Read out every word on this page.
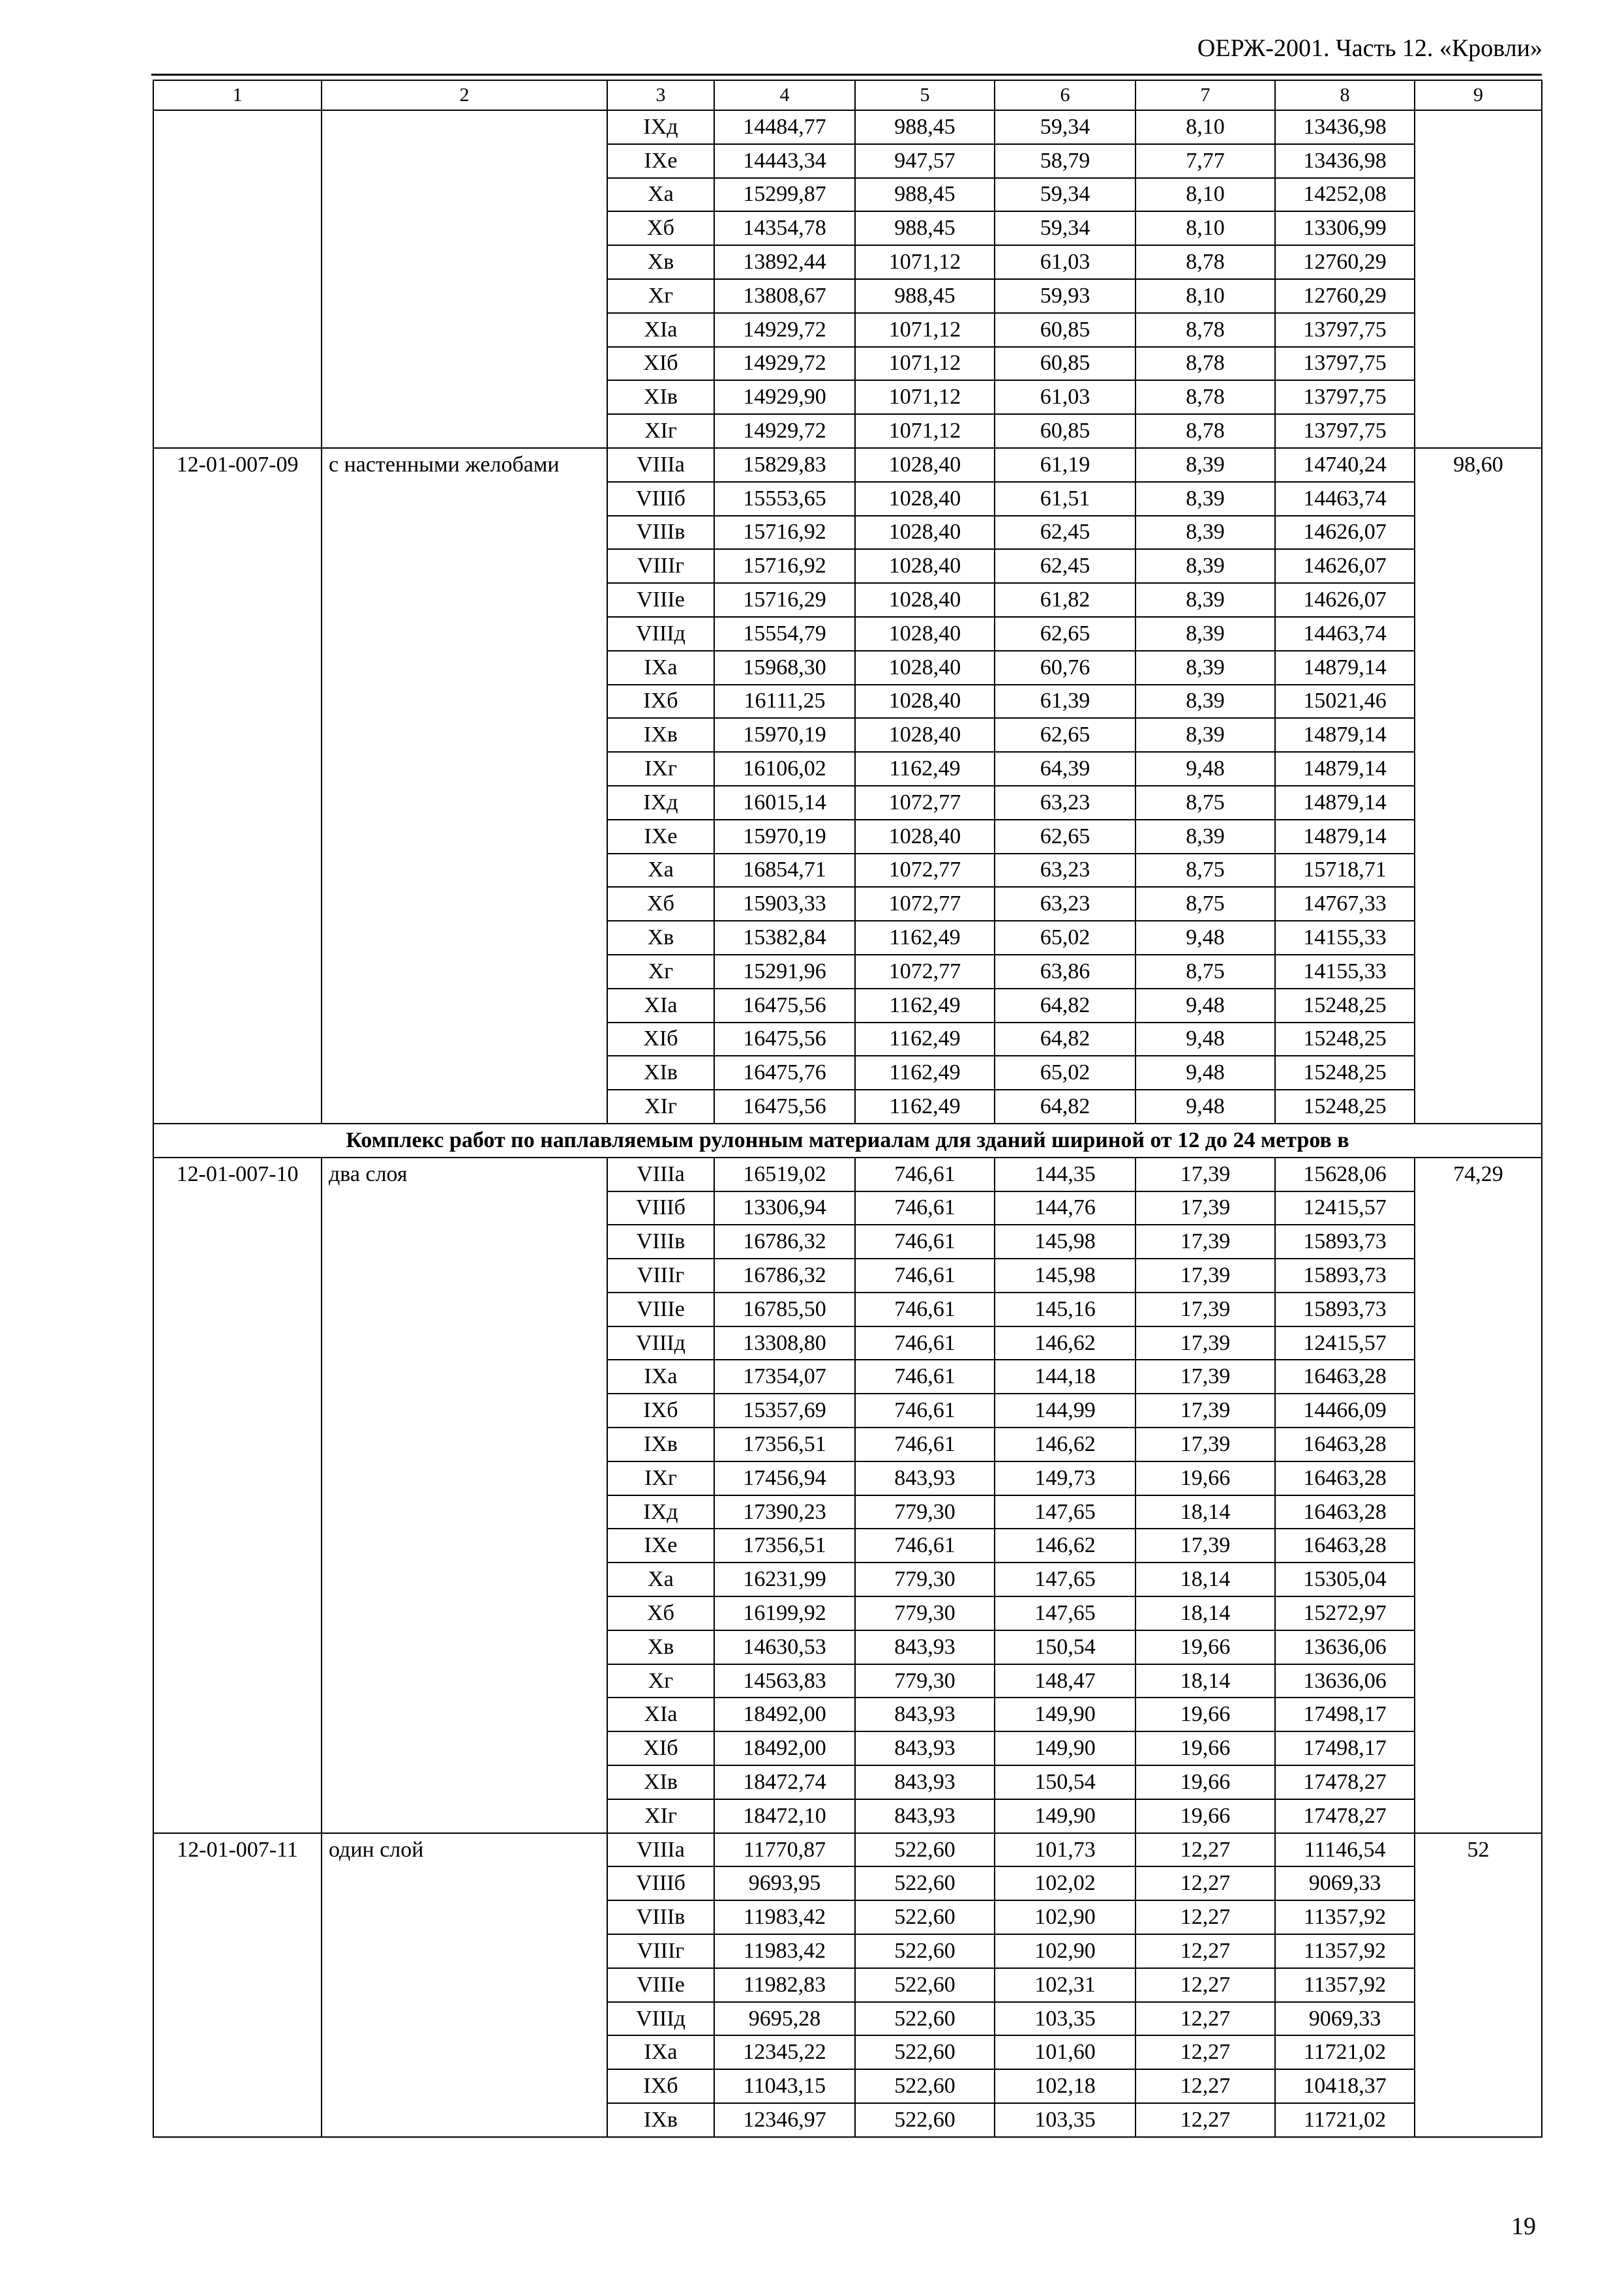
ОЕРЖ-2001. Часть 12. «Кровли»
1	2	3	4	5	6	7	8	9
		IXд	14484,77	988,45	59,34	8,10	13436,98	
		IXе	14443,34	947,57	58,79	7,77	13436,98	
		Xа	15299,87	988,45	59,34	8,10	14252,08	
		Xб	14354,78	988,45	59,34	8,10	13306,99	
		Xв	13892,44	1071,12	61,03	8,78	12760,29	
		Xг	13808,67	988,45	59,93	8,10	12760,29	
		XIа	14929,72	1071,12	60,85	8,78	13797,75	
		XIб	14929,72	1071,12	60,85	8,78	13797,75	
		XIв	14929,90	1071,12	61,03	8,78	13797,75	
		XIг	14929,72	1071,12	60,85	8,78	13797,75	
12-01-007-09	с настенными желобами	VIIIа	15829,83	1028,40	61,19	8,39	14740,24	98,60
		VIIIб	15553,65	1028,40	61,51	8,39	14463,74	
		VIIIв	15716,92	1028,40	62,45	8,39	14626,07	
		VIIIг	15716,92	1028,40	62,45	8,39	14626,07	
		VIIIе	15716,29	1028,40	61,82	8,39	14626,07	
		VIIIд	15554,79	1028,40	62,65	8,39	14463,74	
		IXа	15968,30	1028,40	60,76	8,39	14879,14	
		IXб	16111,25	1028,40	61,39	8,39	15021,46	
		IXв	15970,19	1028,40	62,65	8,39	14879,14	
		IXг	16106,02	1162,49	64,39	9,48	14879,14	
		IXд	16015,14	1072,77	63,23	8,75	14879,14	
		IXе	15970,19	1028,40	62,65	8,39	14879,14	
		Xа	16854,71	1072,77	63,23	8,75	15718,71	
		Xб	15903,33	1072,77	63,23	8,75	14767,33	
		Xв	15382,84	1162,49	65,02	9,48	14155,33	
		Xг	15291,96	1072,77	63,86	8,75	14155,33	
		XIа	16475,56	1162,49	64,82	9,48	15248,25	
		XIб	16475,56	1162,49	64,82	9,48	15248,25	
		XIв	16475,76	1162,49	65,02	9,48	15248,25	
		XIг	16475,56	1162,49	64,82	9,48	15248,25	
Комплекс работ по наплавляемым рулонным материалам для зданий шириной от 12 до 24 метров в								
12-01-007-10	два слоя	VIIIа	16519,02	746,61	144,35	17,39	15628,06	74,29
		VIIIб	13306,94	746,61	144,76	17,39	12415,57	
		VIIIв	16786,32	746,61	145,98	17,39	15893,73	
		VIIIг	16786,32	746,61	145,98	17,39	15893,73	
		VIIIе	16785,50	746,61	145,16	17,39	15893,73	
		VIIIд	13308,80	746,61	146,62	17,39	12415,57	
		IXа	17354,07	746,61	144,18	17,39	16463,28	
		IXб	15357,69	746,61	144,99	17,39	14466,09	
		IXв	17356,51	746,61	146,62	17,39	16463,28	
		IXг	17456,94	843,93	149,73	19,66	16463,28	
		IXд	17390,23	779,30	147,65	18,14	16463,28	
		IXе	17356,51	746,61	146,62	17,39	16463,28	
		Xа	16231,99	779,30	147,65	18,14	15305,04	
		Xб	16199,92	779,30	147,65	18,14	15272,97	
		Xв	14630,53	843,93	150,54	19,66	13636,06	
		Xг	14563,83	779,30	148,47	18,14	13636,06	
		XIа	18492,00	843,93	149,90	19,66	17498,17	
		XIб	18492,00	843,93	149,90	19,66	17498,17	
		XIв	18472,74	843,93	150,54	19,66	17478,27	
		XIг	18472,10	843,93	149,90	19,66	17478,27	
12-01-007-11	один слой	VIIIа	11770,87	522,60	101,73	12,27	11146,54	52
		VIIIб	9693,95	522,60	102,02	12,27	9069,33	
		VIIIв	11983,42	522,60	102,90	12,27	11357,92	
		VIIIг	11983,42	522,60	102,90	12,27	11357,92	
		VIIIе	11982,83	522,60	102,31	12,27	11357,92	
		VIIIд	9695,28	522,60	103,35	12,27	9069,33	
		IXа	12345,22	522,60	101,60	12,27	11721,02	
		IXб	11043,15	522,60	102,18	12,27	10418,37	
		IXв	12346,97	522,60	103,35	12,27	11721,02	
19
